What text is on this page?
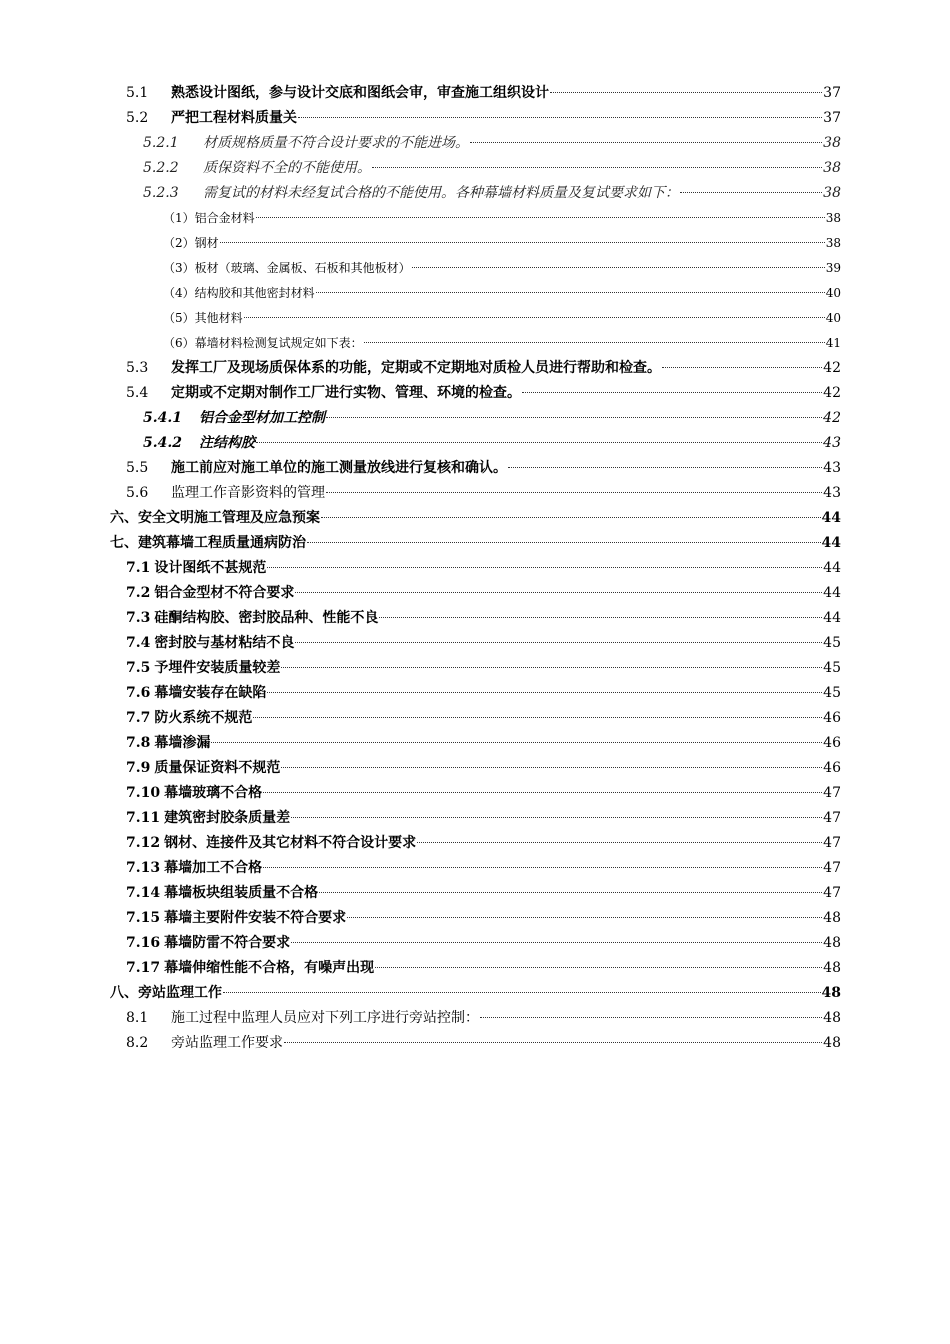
5.1	熟悉设计图纸，参与设计交底和图纸会审，审查施工组织设计	37
5.2	严把工程材料质量关	37
5.2.1	材质规格质量不符合设计要求的不能进场。	38
5.2.2	质保资料不全的不能使用。	38
5.2.3	需复试的材料未经复试合格的不能使用。各种幕墙材料质量及复试要求如下：	38
（1）铝合金材料	38
（2）钢材	38
（3）板材（玻璃、金属板、石板和其他板材）	39
（4）结构胶和其他密封材料	40
（5）其他材料	40
（6）幕墙材料检测复试规定如下表：	41
5.3	发挥工厂及现场质保体系的功能，定期或不定期地对质检人员进行帮助和检查。	42
5.4	定期或不定期对制作工厂进行实物、管理、环境的检查。	42
5.4.1	铝合金型材加工控制	42
5.4.2	注结构胶	43
5.5	施工前应对施工单位的施工测量放线进行复核和确认。	43
5.6	监理工作音影资料的管理	43
六、安全文明施工管理及应急预案	44
七、建筑幕墙工程质量通病防治	44
7.1 设计图纸不甚规范	44
7.2 铝合金型材不符合要求	44
7.3 硅酮结构胶、密封胶品种、性能不良	44
7.4 密封胶与基材粘结不良	45
7.5 予埋件安装质量较差	45
7.6 幕墙安装存在缺陷	45
7.7 防火系统不规范	46
7.8 幕墙渗漏	46
7.9 质量保证资料不规范	46
7.10 幕墙玻璃不合格	47
7.11 建筑密封胶条质量差	47
7.12 钢材、连接件及其它材料不符合设计要求	47
7.13 幕墙加工不合格	47
7.14 幕墙板块组装质量不合格	47
7.15 幕墙主要附件安装不符合要求	48
7.16 幕墙防雷不符合要求	48
7.17 幕墙伸缩性能不合格，有噪声出现	48
八、旁站监理工作	48
8.1	施工过程中监理人员应对下列工序进行旁站控制：	48
8.2	旁站监理工作要求	48
